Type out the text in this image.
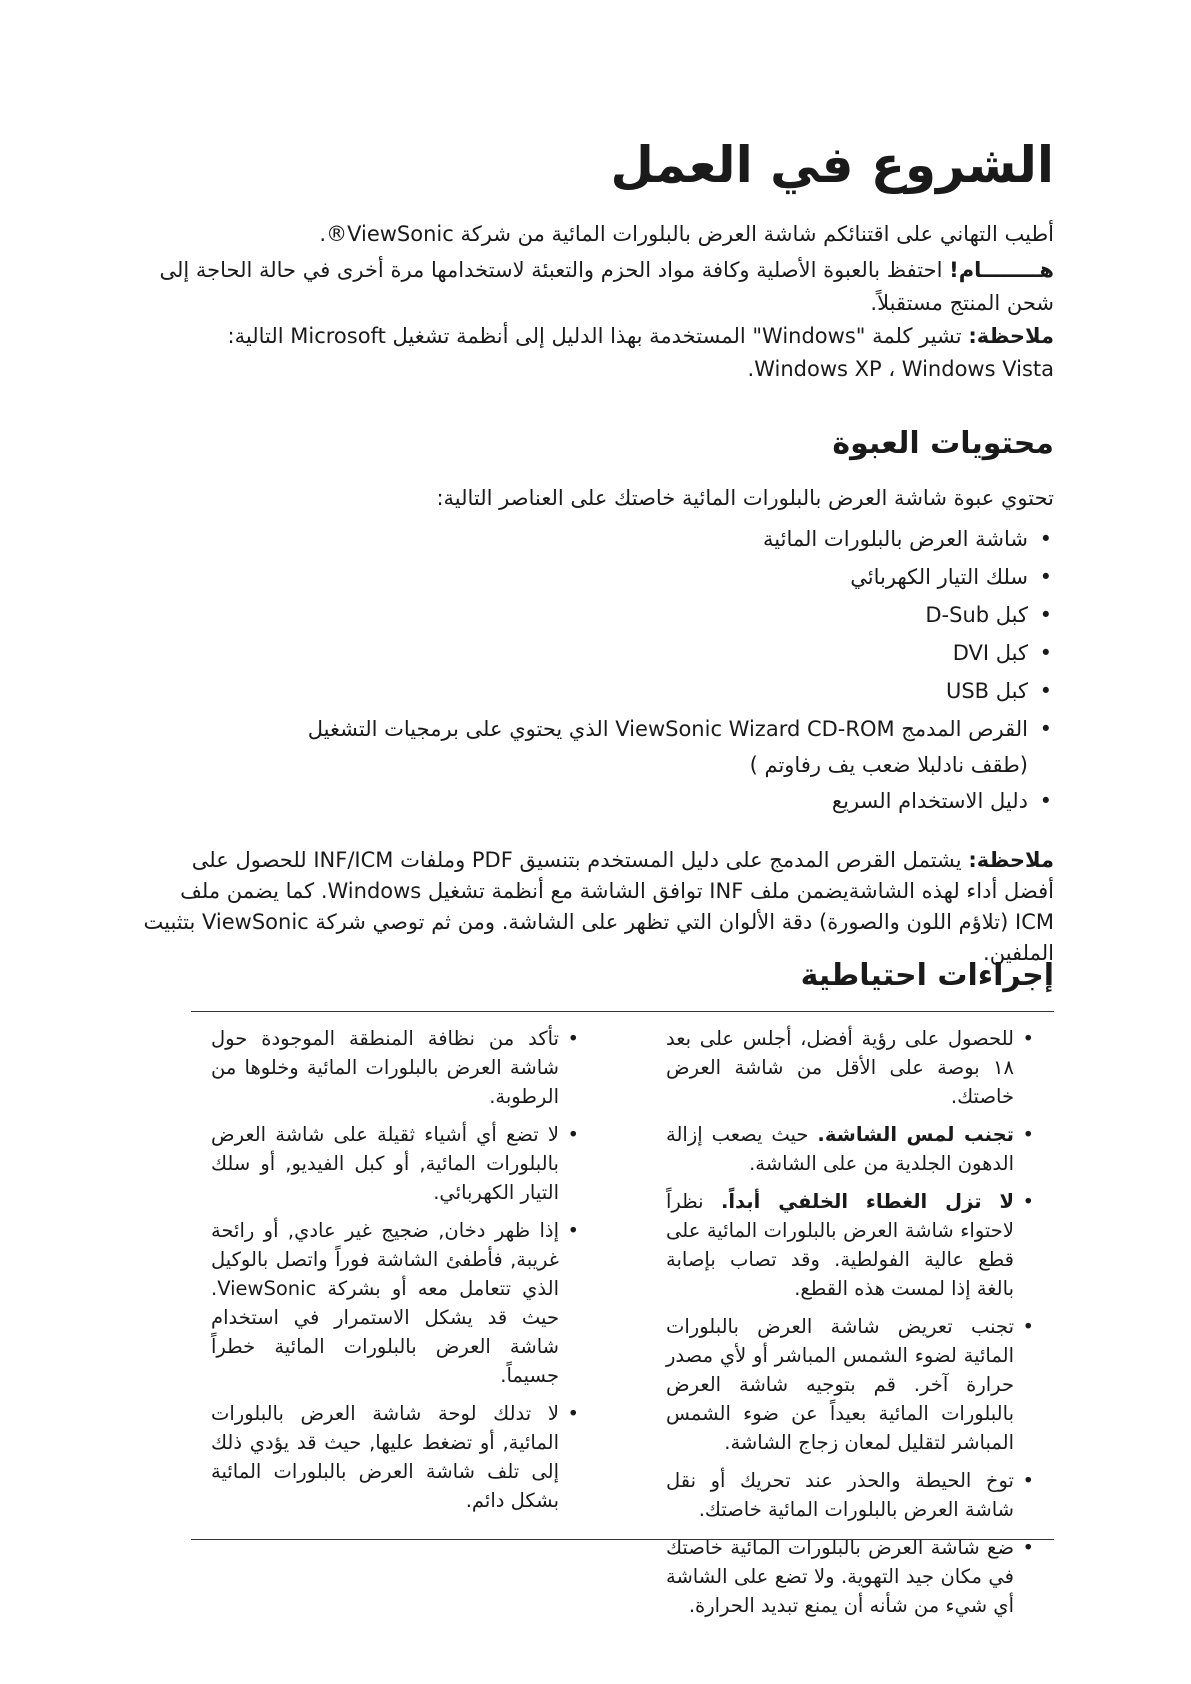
الشروع في العمل

أطيب التهاني على اقتنائكم شاشة العرض بالبلورات المائية من شركة ViewSonic®.

هــــــــام! احتفظ بالعبوة الأصلية وكافة مواد الحزم والتعبئة لاستخدامها مرة أخرى في حالة الحاجة إلى شحن المنتج مستقبلاً.

ملاحظة: تشير كلمة "Windows" المستخدمة بهذا الدليل إلى أنظمة تشغيل Microsoft التالية: Windows XP ، Windows Vista.

محتويات العبوة

تحتوي عبوة شاشة العرض بالبلورات المائية خاصتك على العناصر التالية:

• شاشة العرض بالبلورات المائية
• سلك التيار الكهربائي
• كبل D-Sub
• كبل DVI
• كبل USB
• القرص المدمج ViewSonic Wizard CD-ROM الذي يحتوي على برمجيات التشغيل
(طقف نادلبلا ضعب يف رفاوتم )
• دليل الاستخدام السريع

ملاحظة: يشتمل القرص المدمج على دليل المستخدم بتنسيق PDF وملفات INF/ICM للحصول على أفضل أداء لهذه الشاشةيضمن ملف INF توافق الشاشة مع أنظمة تشغيل Windows. كما يضمن ملف ICM (تلاؤم اللون والصورة) دقة الألوان التي تظهر على الشاشة. ومن ثم توصي شركة ViewSonic بتثبيت الملفين.

إجراءات احتياطية
• للحصول على رؤية أفضل، أجلس على بعد ١٨ بوصة على الأقل من شاشة العرض خاصتك.
• تجنب لمس الشاشة. حيث يصعب إزالة الدهون الجلدية من على الشاشة.
• لا تزل الغطاء الخلفي أبداً. نظراً لاحتواء شاشة العرض بالبلورات المائية على قطع عالية الفولطية. وقد تصاب بإصابة بالغة إذا لمست هذه القطع.
• تجنب تعريض شاشة العرض بالبلورات المائية لضوء الشمس المباشر أو لأي مصدر حرارة آخر. قم بتوجيه شاشة العرض بالبلورات المائية بعيداً عن ضوء الشمس المباشر لتقليل لمعان زجاج الشاشة.
• توخ الحيطة والحذر عند تحريك أو نقل شاشة العرض بالبلورات المائية خاصتك.
• ضع شاشة العرض بالبلورات المائية خاصتك في مكان جيد التهوية. ولا تضع على الشاشة أي شيء من شأنه أن يمنع تبديد الحرارة.
• تأكد من نظافة المنطقة الموجودة حول شاشة العرض بالبلورات المائية وخلوها من الرطوبة.
• لا تضع أي أشياء ثقيلة على شاشة العرض بالبلورات المائية, أو كبل الفيديو, أو سلك التيار الكهربائي.
• إذا ظهر دخان, ضجيج غير عادي, أو رائحة غريبة, فأطفئ الشاشة فوراً واتصل بالوكيل الذي تتعامل معه أو بشركة ViewSonic. حيث قد يشكل الاستمرار في استخدام شاشة العرض بالبلورات المائية خطراً جسيماً.
• لا تدلك لوحة شاشة العرض بالبلورات المائية, أو تضغط عليها, حيث قد يؤدي ذلك إلى تلف شاشة العرض بالبلورات المائية بشكل دائم.
